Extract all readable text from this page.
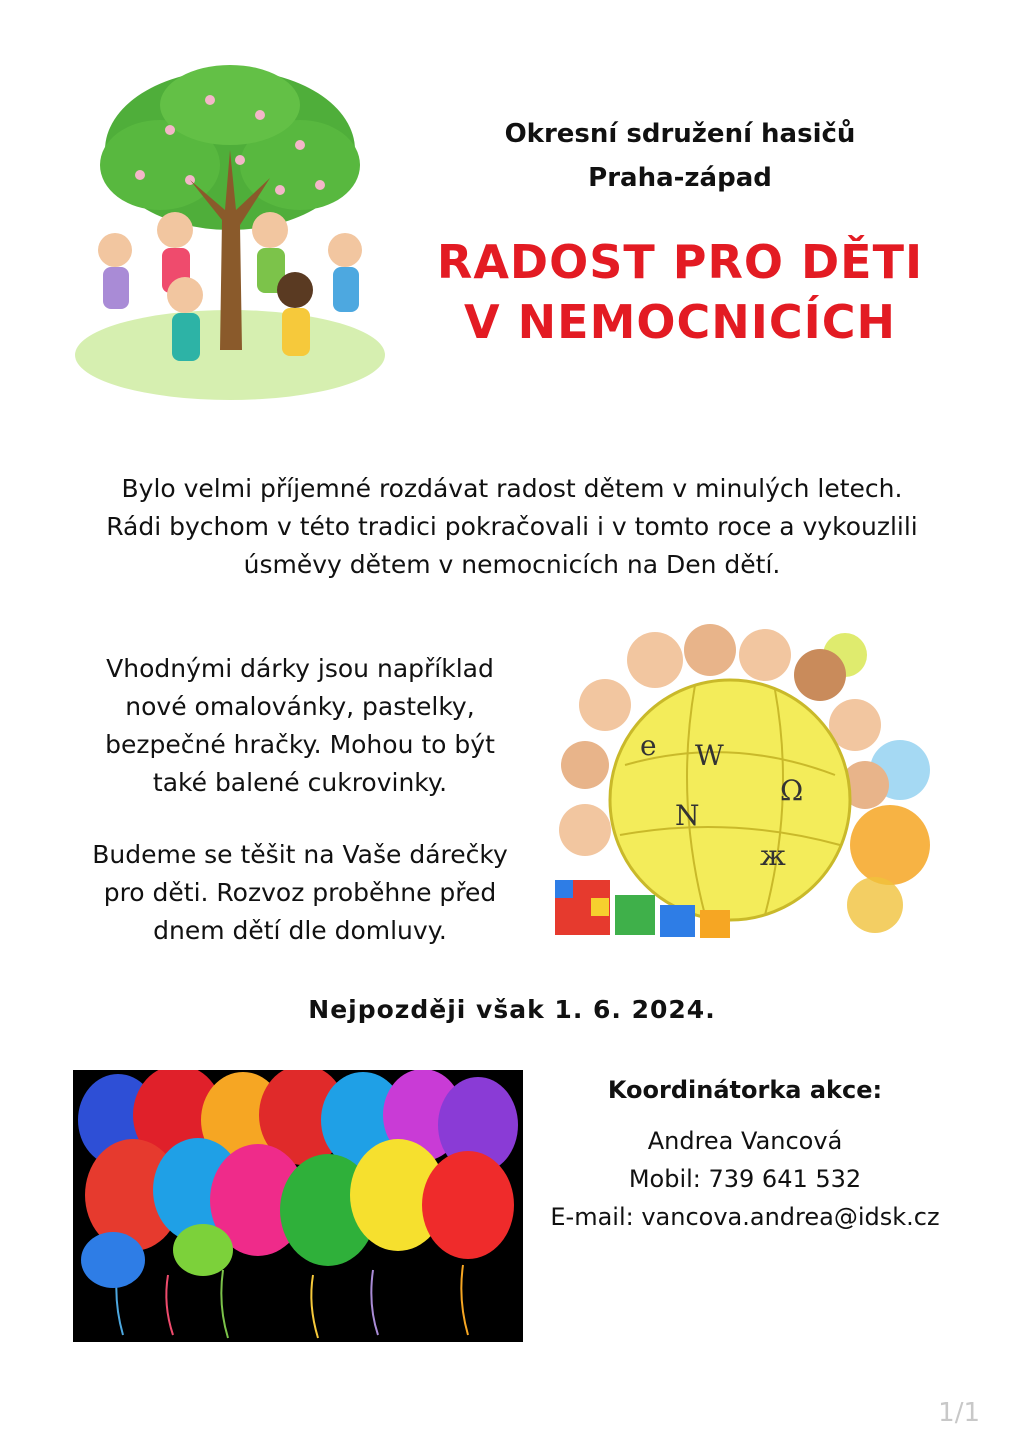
Okresní sdružení hasičů
Praha-západ
RADOST PRO DĚTI
V NEMOCNICÍCH
Bylo velmi příjemné rozdávat radost dětem v minulých letech.
Rádi bychom v této tradici pokračovali i v tomto roce a vykouzlili
úsměvy dětem v nemocnicích na Den dětí.
Vhodnými dárky jsou například
nové omalovánky, pastelky,
bezpečné hračky. Mohou to být
také balené cukrovinky.
Budeme se těšit na Vaše dárečky
pro děti. Rozvoz proběhne před
dnem dětí dle domluvy.
W
Ω
N
e
ж
Nejpozději však 1. 6. 2024.
Koordinátorka akce:
Andrea Vancová
Mobil: 739 641 532
E-mail: vancova.andrea@idsk.cz
1/1
